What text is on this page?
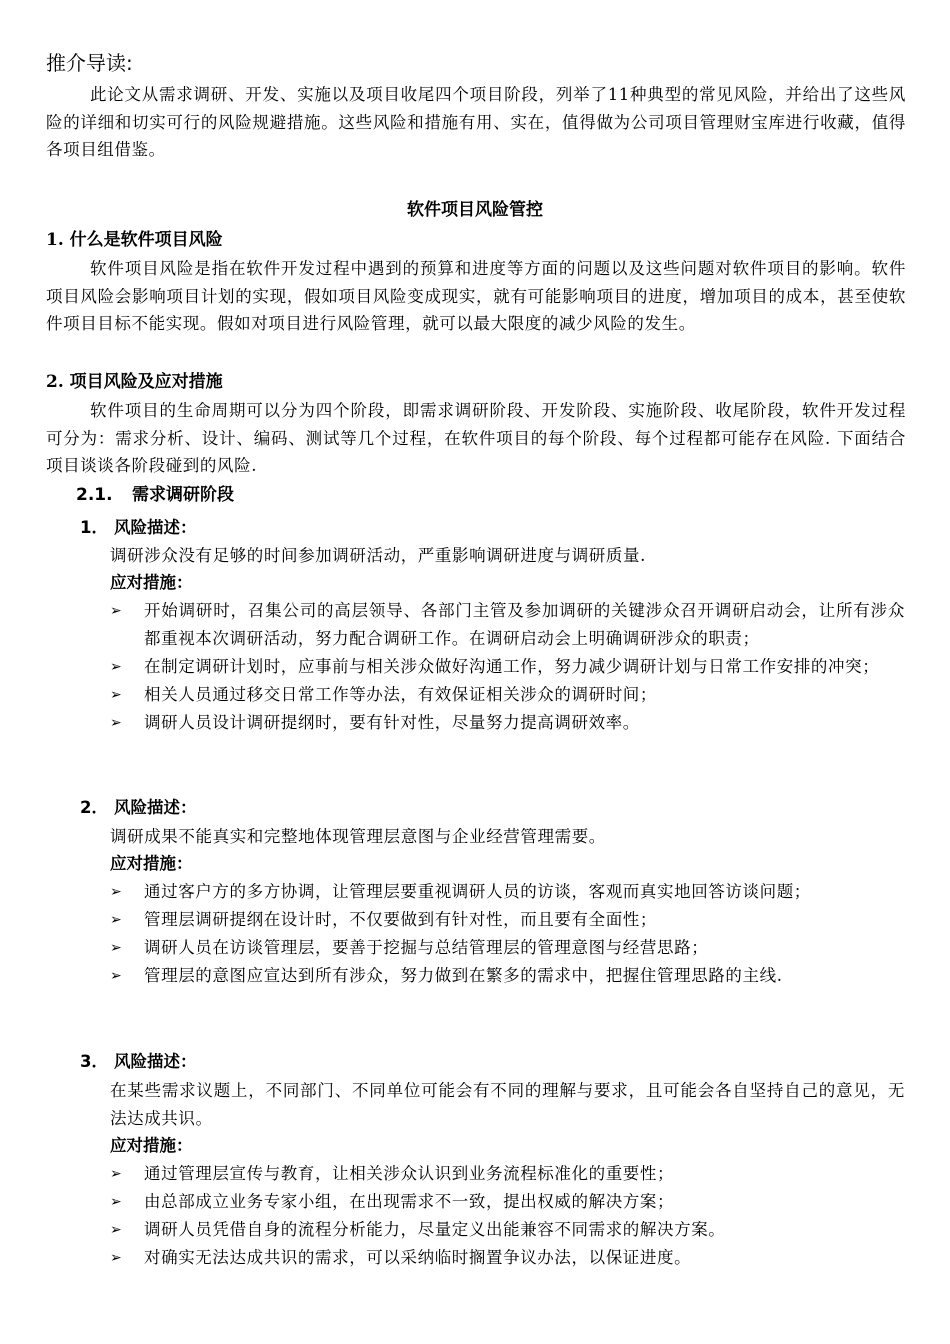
推介导读:
此论文从需求调研、开发、实施以及项目收尾四个项目阶段，列举了11种典型的常见风险，并给出了这些风险的详细和切实可行的风险规避措施。这些风险和措施有用、实在，值得做为公司项目管理财宝库进行收藏，值得各项目组借鉴。
软件项目风险管控
1. 什么是软件项目风险
软件项目风险是指在软件开发过程中遇到的预算和进度等方面的问题以及这些问题对软件项目的影响。软件项目风险会影响项目计划的实现，假如项目风险变成现实，就有可能影响项目的进度，增加项目的成本，甚至使软件项目目标不能实现。假如对项目进行风险管理，就可以最大限度的减少风险的发生。
2. 项目风险及应对措施
软件项目的生命周期可以分为四个阶段，即需求调研阶段、开发阶段、实施阶段、收尾阶段，软件开发过程可分为：需求分析、设计、编码、测试等几个过程，在软件项目的每个阶段、每个过程都可能存在风险. 下面结合项目谈谈各阶段碰到的风险.
2.1. 需求调研阶段
1． 风险描述：
调研涉众没有足够的时间参加调研活动，严重影响调研进度与调研质量.
应对措施：
➢ 开始调研时，召集公司的高层领导、各部门主管及参加调研的关键涉众召开调研启动会，让所有涉众都重视本次调研活动，努力配合调研工作。在调研启动会上明确调研涉众的职责；
➢ 在制定调研计划时，应事前与相关涉众做好沟通工作，努力减少调研计划与日常工作安排的冲突；
➢ 相关人员通过移交日常工作等办法，有效保证相关涉众的调研时间；
➢ 调研人员设计调研提纲时，要有针对性，尽量努力提高调研效率。
2． 风险描述：
调研成果不能真实和完整地体现管理层意图与企业经营管理需要。
应对措施：
➢ 通过客户方的多方协调，让管理层要重视调研人员的访谈，客观而真实地回答访谈问题；
➢ 管理层调研提纲在设计时，不仅要做到有针对性，而且要有全面性；
➢ 调研人员在访谈管理层，要善于挖掘与总结管理层的管理意图与经营思路；
➢ 管理层的意图应宣达到所有涉众，努力做到在繁多的需求中，把握住管理思路的主线.
3． 风险描述：
在某些需求议题上，不同部门、不同单位可能会有不同的理解与要求，且可能会各自坚持自己的意见，无法达成共识。
应对措施：
➢ 通过管理层宣传与教育，让相关涉众认识到业务流程标准化的重要性；
➢ 由总部成立业务专家小组，在出现需求不一致，提出权威的解决方案；
➢ 调研人员凭借自身的流程分析能力，尽量定义出能兼容不同需求的解决方案。
➢ 对确实无法达成共识的需求，可以采纳临时搁置争议办法，以保证进度。
